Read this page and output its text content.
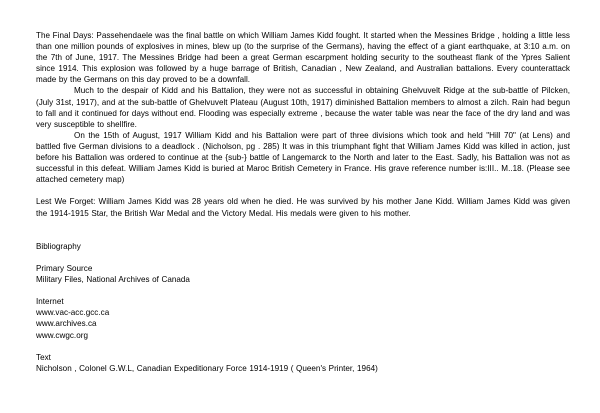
The Final Days: Passehendaele was the final battle on which William James Kidd fought. It started when the Messines Bridge , holding a little less than one million pounds of explosives in mines, blew up (to the surprise of the Germans), having the effect of a giant earthquake, at 3:10 a.m. on the 7th of June, 1917. The Messines Bridge had been a great German escarpment holding security to the southeast flank of the Ypres Salient since 1914. This explosion was followed by a huge barrage of British, Canadian , New Zealand, and Australian battalions. Every counterattack made by the Germans on this day proved to be a downfall.

Much to the despair of Kidd and his Battalion, they were not as successful in obtaining Ghelvuvelt Ridge at the sub-battle of Pilcken, (July 31st, 1917), and at the sub-battle of Ghelvuvelt Plateau (August 10th, 1917) diminished Battalion members to almost a zilch. Rain had begun to fall and it continued for days without end. Flooding was especially extreme , because the water table was near the face of the dry land and was very susceptible to shellfire.

On the 15th of August, 1917 William Kidd and his Battalion were part of three divisions which took and held "Hill 70" (at Lens) and battled five German divisions to a deadlock . (Nicholson, pg . 285) It was in this triumphant fight that William James Kidd was killed in action, just before his Battalion was ordered to continue at the {sub-} battle of Langemarck to the North and later to the East. Sadly, his Battalion was not as successful in this defeat. William James Kidd is buried at Maroc British Cemetery in France. His grave reference number is:III.. M..18. (Please see attached cemetery map)

Lest We Forget: William James Kidd was 28 years old when he died. He was survived by his mother Jane Kidd. William James Kidd was given the 1914-1915 Star, the British War Medal and the Victory Medal. His medals were given to his mother.

Bibliography
Primary Source
Military Files, National Archives of Canada
Internet
www.vac-acc.gcc.ca
www.archives.ca
www.cwgc.org
Text
Nicholson , Colonel G.W.L, Canadian Expeditionary Force 1914-1919 ( Queen's Printer, 1964)
